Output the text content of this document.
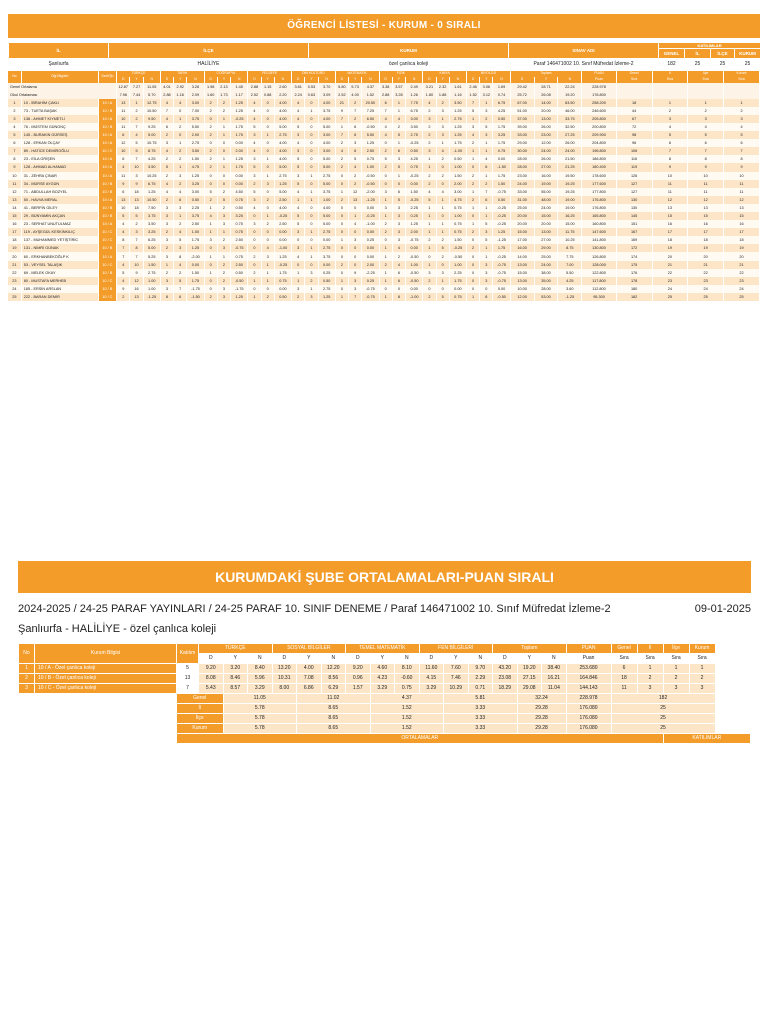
ÖĞRENCİ LİSTESİ - KURUM - 0 SIRALI
İL	İLÇE	KURUM	SINAV ADI	KATILIMLAR			
				GENEL	İL	İLÇE	KURUM
Şanlıurfa	HALİLİYE	özel çanlıca koleji	Paraf 146471002 10. Sınıf Müfredat İzleme-2	182	25	25	25
No	Öğr.Bilgileri	Sınıf/Şb	TÜRKÇE			TARİH			COĞRAFYA			FELSEFE			DİN KÜLTÜRÜ			MATEMATİK			FİZİK			KİMYA			BİYOLOJİ			Toplam			PUAN	Genel	İl	İlçe	Kurum
			D	Y	N	D	Y	N	D	Y	N	D	Y	N	D	Y	N	D	Y	N	D	Y	N	D	Y	N	D	Y	N	D	Y	N	Puan	Sıra	Sıra	Sıra	Sıra
Genel Ortalama			12.87	7.27	11.05	4.01	2.92	3.28	1.98	2.13	1.45	2.88	1.15	2.60	3.61	0.53	3.70	5.80	5.73	4.37	3.38	3.57	2.49	3.21	2.32	1.61	2.46	3.06	1.69	29.42	28.71	22.24	228.978				
Okul Ortalaması			7.96	7.44	5.70	2.88	1.16	2.09	1.60	1.73	1.17	2.52	0.88	2.20	2.24	0.63	3.09	2.52	4.00	1.52	2.88	3.28	1.26	1.80	1.88	1.16	1.52	3.12	0.74	25.72	26.08	19.20	176.800				
1	10 - İBRAHİM ÇAKLI	10 / A	13	1	12.75	4	4	3.00	2	2	1.25	4	0	4.00	4	0	4.00	21	2	20.50	6	1	7.75	4	2	3.50	7	1	6.75	67.00	14.00	63.50	258.200	18	1	1	1
2	73 - TUETA BAŞAK	10 / B	11	2	10.50	7	0	7.00	2	2	1.25	4	0	4.00	4	1	3.75	9	7	7.25	7	1	6.75	2	3	1.25	5	3	4.25	51.00	20.00	46.00	246.600	44	2	2	2
3	138 - AHMET KIYMETLİ	10 / A	10	2	9.50	4	1	3.75	0	1	-0.25	4	0	4.00	4	0	4.00	7	2	6.50	4	4	3.00	3	1	2.75	1	2	0.50	37.00	13.00	33.75	205.800	67	3	3	3
4	76 - MÜSTEM GÜNGNÇ	10 / B	11	7	9.25	6	2	5.50	2	1	1.75	5	0	5.00	5	0	5.00	1	6	-0.50	4	2	3.50	2	3	1.25	3	5	1.75	39.00	26.00	32.50	200.800	72	4	4	4
5	145 - BURAKIN GÜRSEŞ	10 / A	6	4	5.00	2	0	2.00	2	1	1.75	3	1	2.75	3	0	3.00	7	6	5.50	4	5	2.75	2	3	1.25	4	3	3.25	33.00	23.00	27.25	209.900	98	5	5	5
6	128 - ERKAN ÖLÇAY	10 / A	12	5	10.75	3	1	2.75	0	0	0.00	4	0	4.00	4	0	4.00	2	3	1.25	0	1	-0.25	2	1	1.75	2	1	1.75	29.00	12.00	26.00	204.800	96	6	6	6
7	89 - HATİCE DEMİROĞLU	10 / C	10	5	8.75	4	2	3.50	2	0	2.00	4	0	4.00	3	0	3.00	4	6	2.50	2	6	0.50	3	4	-1.00	1	1	0.75	30.00	24.00	24.00	196.800	106	7	7	7
8	23 - EİLA GRİŞEN	10 / A	6	7	4.25	2	2	1.50	2	1	1.25	3	1	4.00	5	0	5.00	2	5	0.75	5	3	4.25	1	2	0.50	1	4	0.00	28.00	26.00	21.50	186.800	116	8	8	8
9	128 - AHMAD ALHAMAD	10 / A	4	10	3.50	5	1	4.75	2	1	1.75	5	0	5.00	5	0	5.00	2	4	1.00	2	5	0.75	1	0	1.00	0	6	-1.50	28.00	27.00	21.25	180.400	119	9	9	9
10	31 - ZEHRA ÇINAR	10 / A	11	3	10.25	2	3	1.25	0	0	0.00	3	1	2.75	3	1	2.75	0	2	-0.50	0	1	-0.25	2	2	1.50	2	1	1.75	23.00	16.00	19.50	178.600	126	10	10	10
11	34 - MÜRSE AYGÜN	10 / B	9	9	6.75	4	2	3.25	0	0	0.00	2	3	1.25	5	0	5.00	0	2	-0.50	0	0	0.00	2	0	2.00	2	2	1.50	24.00	19.00	19.25	177.600	127	11	11	11
12	71 - ABDULLAH BOZYEL	10 / B	6	18	1.25	4	4	3.00	5	2	4.50	5	0	5.00	4	1	3.75	1	12	-2.00	3	6	1.50	4	4	3.00	1	7	-0.75	33.00	55.00	19.25	177.800	127	11	11	11
13	50 - HAVVA MERAL	10 / A	13	13	10.50	2	6	0.50	2	5	0.75	3	2	2.50	1	1	1.00	2	13	-1.25	1	5	-0.25	5	1	4.75	2	6	0.50	31.00	48.00	19.00	176.800	130	12	12	12
14	41 - BERFİN GİLEY	10 / B	10	18	7.50	3	3	2.25	1	2	0.50	4	0	4.00	4	0	4.00	0	0	0.00	3	3	2.25	1	1	0.75	1	1	-0.25	25.00	24.00	19.00	176.800	130	13	13	13
15	29 - BÜNYAMİN AKÇAN	10 / B	5	5	3.75	3	1	3.75	4	3	3.25	0	1	-0.25	5	0	5.00	0	1	-0.25	1	3	0.25	1	0	1.00	0	1	-0.25	20.00	15.00	16.25	165.800	145	15	15	15
16	23 - SERHAT UNUTULMAZ	10 / A	4	2	3.50	3	2	2.50	1	3	0.75	3	2	2.50	5	0	5.00	0	4	-1.00	2	3	1.25	1	1	0.75	1	5	-0.25	20.00	20.00	15.00	160.800	151	16	16	16
17	119 - AYŞEGÜL KESKİNKILIÇ	10 / C	4	3	3.25	2	4	1.00	1	1	0.75	0	0	0.00	3	1	2.75	0	0	0.00	2	3	2.00	1	1	0.75	2	3	1.25	15.00	13.00	11.75	147.600	167	17	17	17
18	137 - MUHAMMED YETİŞTİRİC	10 / C	8	7	6.25	3	5	1.75	3	2	2.50	0	0	0.00	0	0	0.00	1	3	0.25	0	3	-0.75	2	2	1.50	0	5	-1.25	17.00	27.00	10.25	141.800	169	18	18	18
19	131 - NİMRİ GÜNAK	10 / B	7	8	5.00	2	3	1.25	0	3	-0.75	0	4	-1.00	3	1	2.75	0	0	0.00	1	4	0.00	1	5	-0.25	2	1	1.75	16.00	29.00	8.75	130.800	172	19	19	19
20	60 - ERKHANBEKÖĞLP K	10 / A	7	7	5.25	3	8	-2.00	1	1	0.75	2	3	1.25	4	1	3.75	0	0	0.00	1	2	-0.50	0	2	-0.50	0	1	-0.25	14.00	25.00	7.75	126.800	174	20	20	20
21	53 - VEYSEL TALAŞIK	10 / C	4	10	1.50	1	4	0.00	0	2	2.50	0	1	-0.25	0	0	0.00	2	0	2.00	2	4	1.00	1	0	1.00	0	3	-0.75	13.00	24.00	7.00	128.000	175	21	21	21
22	69 - MELEK OKAY	10 / B	5	9	2.75	2	2	1.50	1	2	0.50	2	1	1.75	1	3	0.25	0	9	-2.25	1	6	-0.50	3	3	2.25	0	3	-0.75	15.00	38.00	5.50	122.800	176	22	22	22
23	80 - MUSTAFA MERHEB	10 / C	4	12	1.00	3	5	1.75	0	2	-0.50	1	1	0.75	1	2	0.50	1	3	0.25	1	6	-0.50	2	1	1.75	0	3	-0.75	13.00	35.00	4.25	117.800	178	23	23	23
24	165 - ERSİN ARSLAN	10 / B	9	16	1.00	3	7	-1.75	0	3	-1.75	0	0	0.00	3	1	2.75	0	3	-0.75	0	0	0.00	0	0	0.00	0	0	0.00	10.00	28.00	3.60	112.800	180	24	24	24
25	222 - BARAN DEMİR	10 / C	2	13	-1.25	8	6	-1.50	2	3	1.25	1	2	0.50	2	3	1.25	1	7	-0.75	1	8	-1.00	2	5	0.75	1	8	-0.50	12.00	53.00	-1.25	95.300	182	25	25	25
KURUMDAKİ ŞUBE ORTALAMALARI-PUAN SIRALI
2024-2025 / 24-25 PARAF YAYINLARI / 24-25 PARAF 10. SINIF DENEME / Paraf 146471002 10. Sınıf Müfredat İzleme-2	09-01-2025
Şanlıurfa - HALİLİYE - özel çanlıca koleji
No	Kurum Bilgisi	Katılım	TÜRKÇE			SOSYAL BİLGİLER			TEMEL MATEMATİK			FEN BİLGİLERİ			Toplam			PUAN	Genel	İl	İlçe	Kurum
			D	Y	N	D	Y	N	D	Y	N	D	Y	N	D	Y	N	Puan	Sıra	Sıra	Sıra	Sıra
1	10 / A - Özel çanlıca koleji	5	9.20	3.20	8.40	13.20	4.00	12.20	9.20	4.60	8.10	11.60	7.60	9.70	43.20	19.20	38.40	253.680	6	1	1	1
2	10 / B - Özel çanlıca koleji	13	8.08	8.46	5.96	10.31	7.08	8.56	0.96	4.23	-0.60	4.15	7.46	2.29	23.08	27.15	16.21	164.846	18	2	2	2
3	10 / C - Özel çanlıca koleji	7	5.43	8.57	3.29	8.00	6.86	6.29	1.57	3.29	0.75	3.29	10.29	0.71	18.29	29.08	11.04	144.143	11	3	3	3
		Genel		11.05			11.02			4.37			5.81			32.24		228.978	182			
		İl		5.78			8.65			1.52			3.33			29.28		176.080	25			
		İlçe		5.78			8.65			1.52			3.33			29.28		176.080	25			
		Kurum		5.78			8.65			1.52			3.33			29.28		176.080	25			
		ORTALAMALAR																			KATILIMLAR	
